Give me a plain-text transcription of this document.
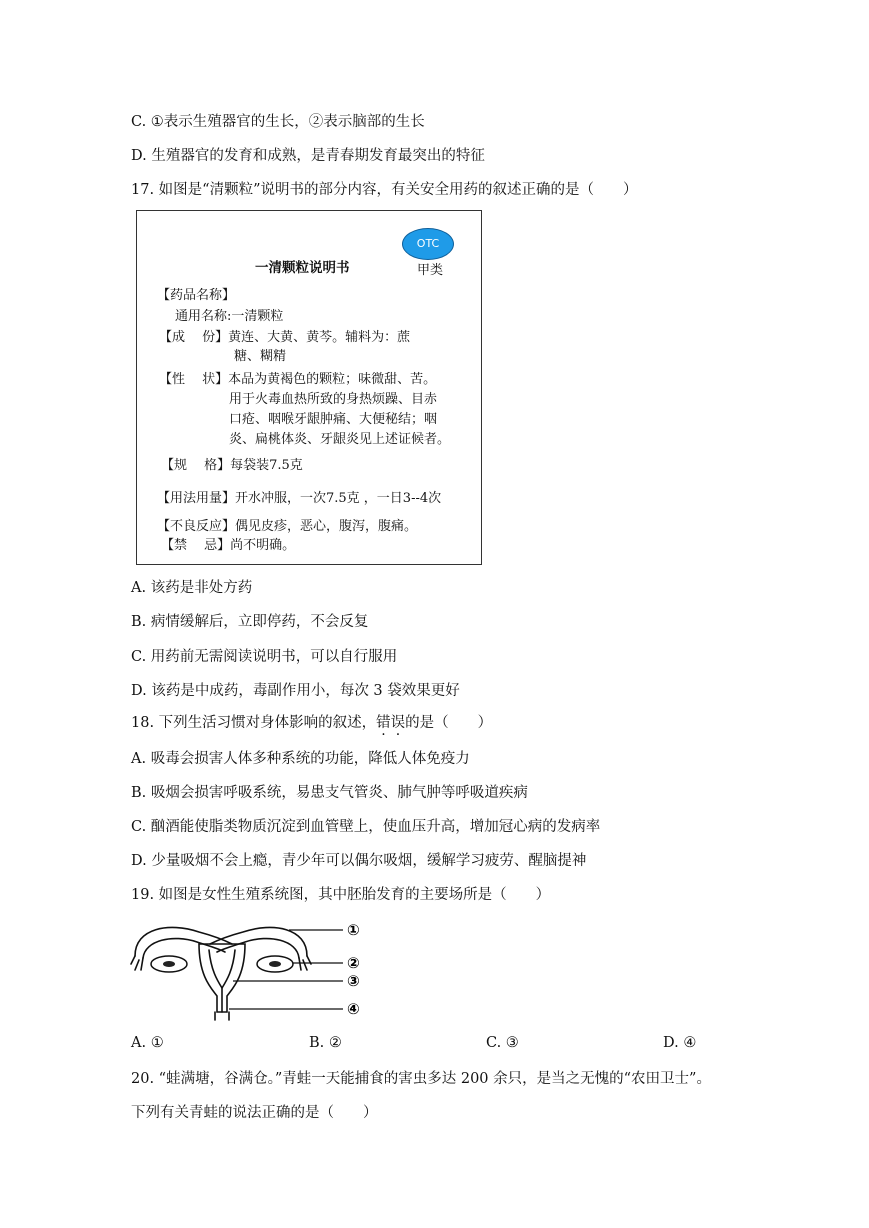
C. ①表示生殖器官的生长，②表示脑部的生长
D. 生殖器官的发育和成熟，是青春期发育最突出的特征
17. 如图是“清颗粒”说明书的部分内容，有关安全用药的叙述正确的是（　　）
OTC
甲类
一清颗粒说明书
【药品名称】
通用名称:一清颗粒
【成　 份】黄连、大黄、黄芩。辅料为：蔗
糖、糊精
【性　 状】本品为黄褐色的颗粒；味微甜、苦。
用于火毒血热所致的身热烦躁、目赤
口疮、咽喉牙龈肿痛、大便秘结；咽
炎、扁桃体炎、牙龈炎见上述证候者。
【规　 格】每袋装7.5克
【用法用量】开水冲服，一次7.5克 ，一日3--4次
【不良反应】偶见皮疹，恶心，腹泻，腹痛。
【禁　 忌】尚不明确。
A. 该药是非处方药
B. 病情缓解后，立即停药，不会反复
C. 用药前无需阅读说明书，可以自行服用
D. 该药是中成药，毒副作用小，每次 3 袋效果更好
18. 下列生活习惯对身体影响的叙述，错误的是（　　）
A. 吸毒会损害人体多种系统的功能，降低人体免疫力
B. 吸烟会损害呼吸系统，易患支气管炎、肺气肿等呼吸道疾病
C. 酗酒能使脂类物质沉淀到血管壁上，使血压升高，增加冠心病的发病率
D. 少量吸烟不会上瘾，青少年可以偶尔吸烟，缓解学习疲劳、醒脑提神
19. 如图是女性生殖系统图，其中胚胎发育的主要场所是（　　）
①
②
③
④
A. ①	B. ②	C. ③	D. ④
20. “蛙满塘，谷满仓。”青蛙一天能捕食的害虫多达 200 余只，是当之无愧的“农田卫士”。
下列有关青蛙的说法正确的是（　　）
